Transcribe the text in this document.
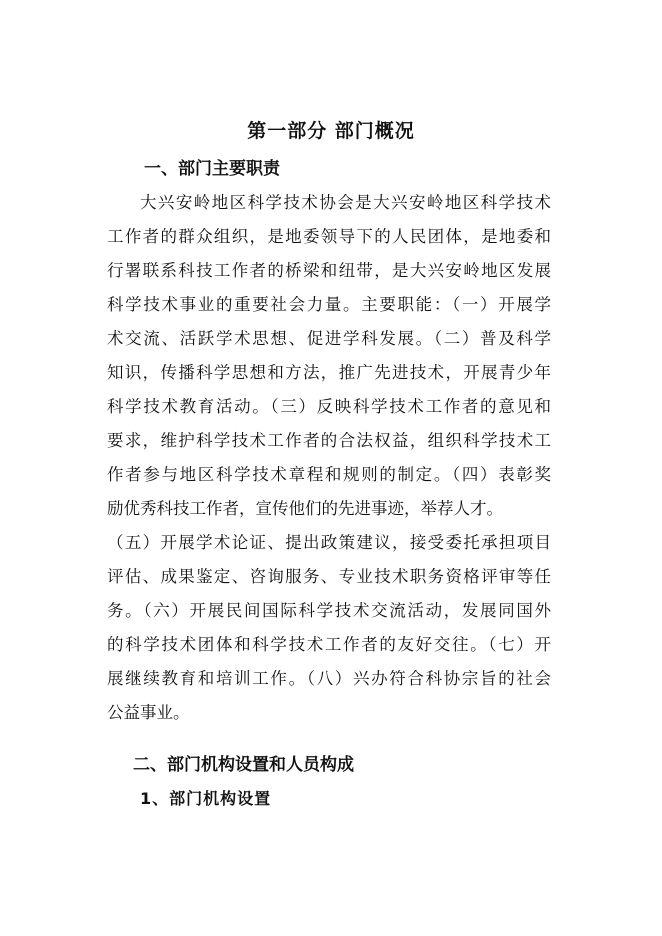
第一部分 部门概况
一、部门主要职责
大兴安岭地区科学技术协会是大兴安岭地区科学技术
工作者的群众组织，是地委领导下的人民团体，是地委和
行署联系科技工作者的桥梁和纽带，是大兴安岭地区发展
科学技术事业的重要社会力量。主要职能：（一）开展学
术交流、活跃学术思想、促进学科发展。（二）普及科学
知识，传播科学思想和方法，推广先进技术，开展青少年
科学技术教育活动。（三）反映科学技术工作者的意见和
要求，维护科学技术工作者的合法权益，组织科学技术工
作者参与地区科学技术章程和规则的制定。（四）表彰奖
励优秀科技工作者，宣传他们的先进事迹，举荐人才。
（五）开展学术论证、提出政策建议，接受委托承担项目
评估、成果鉴定、咨询服务、专业技术职务资格评审等任
务。（六）开展民间国际科学技术交流活动，发展同国外
的科学技术团体和科学技术工作者的友好交往。（七）开
展继续教育和培训工作。（八）兴办符合科协宗旨的社会
公益事业。
二、部门机构设置和人员构成
1、部门机构设置
